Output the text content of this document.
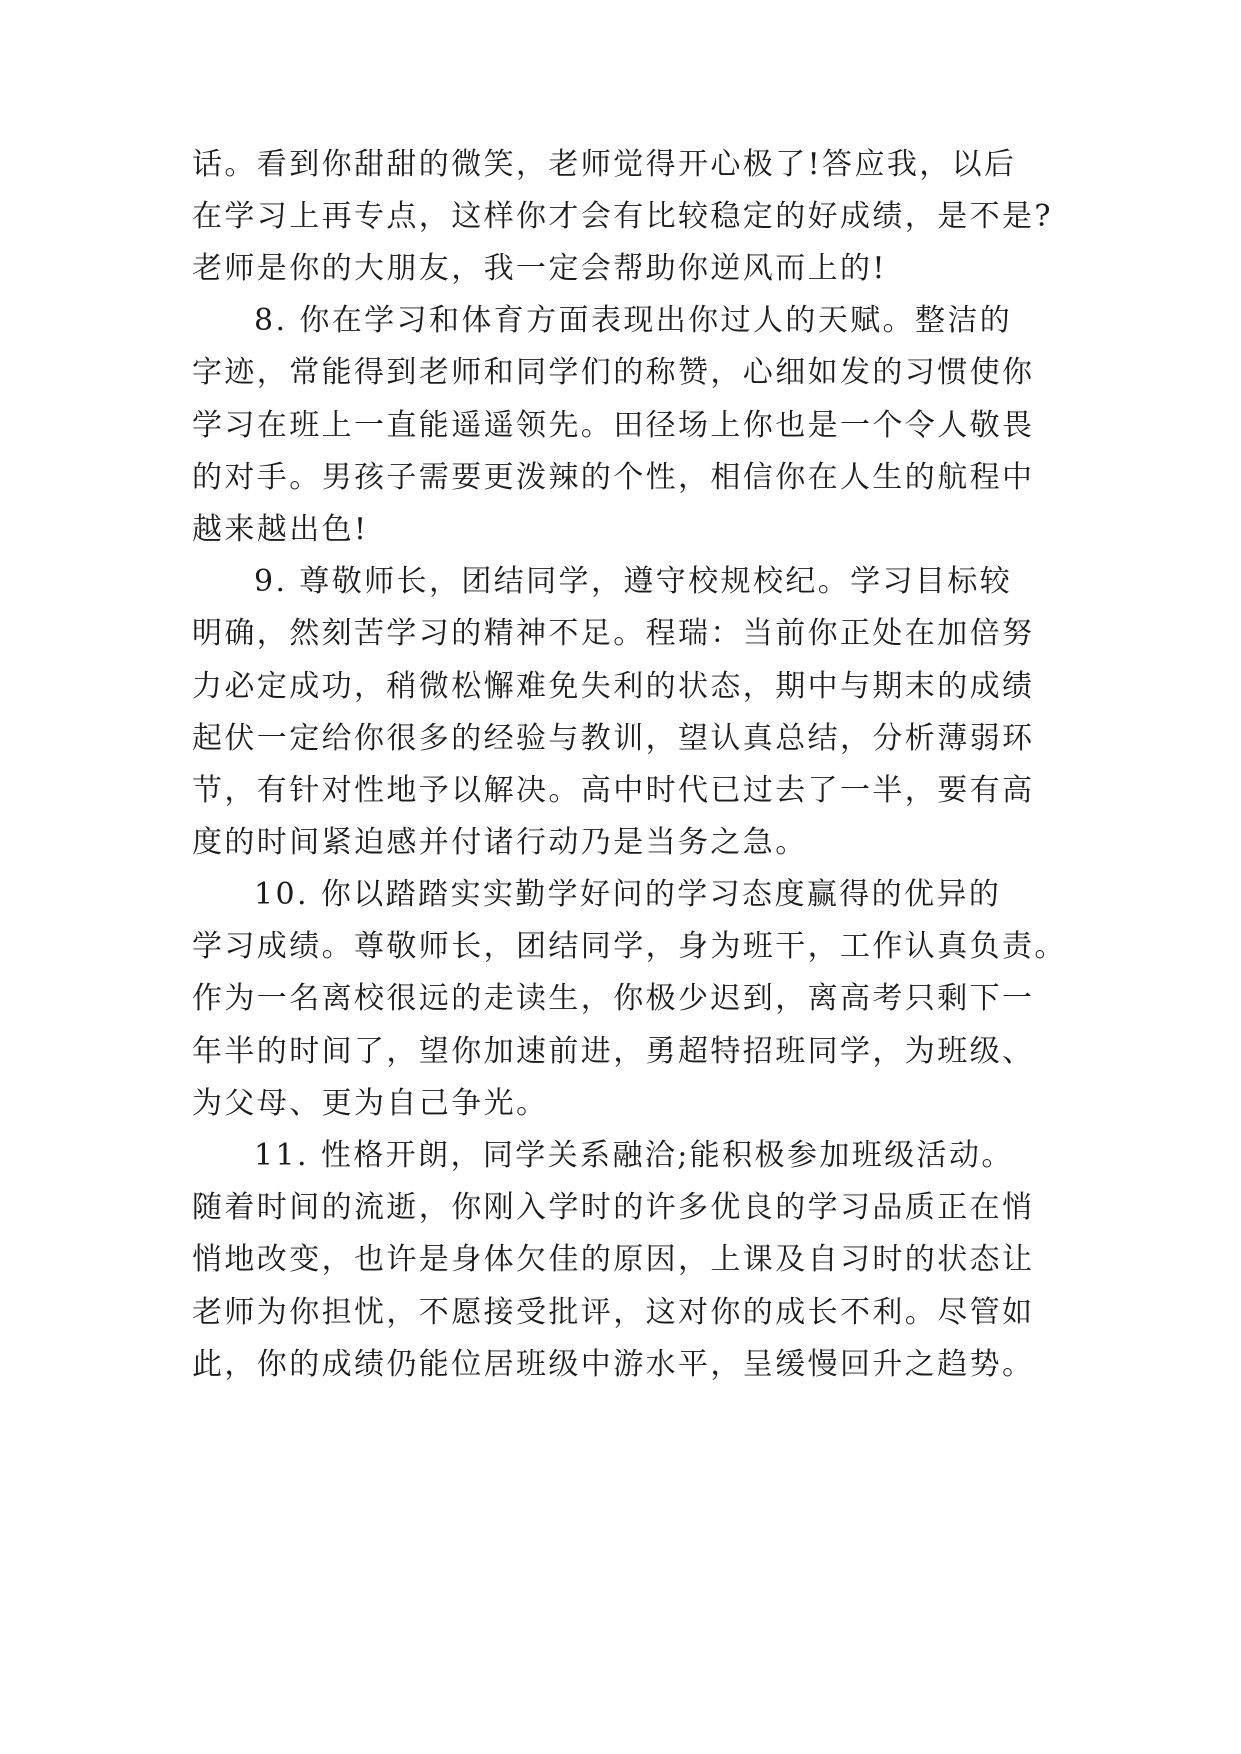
话。看到你甜甜的微笑，老师觉得开心极了!答应我，以后
在学习上再专点，这样你才会有比较稳定的好成绩，是不是?
老师是你的大朋友，我一定会帮助你逆风而上的!
8. 你在学习和体育方面表现出你过人的天赋。整洁的
字迹，常能得到老师和同学们的称赞，心细如发的习惯使你
学习在班上一直能遥遥领先。田径场上你也是一个令人敬畏
的对手。男孩子需要更泼辣的个性，相信你在人生的航程中
越来越出色!
9. 尊敬师长，团结同学，遵守校规校纪。学习目标较
明确，然刻苦学习的精神不足。程瑞：当前你正处在加倍努
力必定成功，稍微松懈难免失利的状态，期中与期末的成绩
起伏一定给你很多的经验与教训，望认真总结，分析薄弱环
节，有针对性地予以解决。高中时代已过去了一半，要有高
度的时间紧迫感并付诸行动乃是当务之急。
10. 你以踏踏实实勤学好问的学习态度赢得的优异的
学习成绩。尊敬师长，团结同学，身为班干，工作认真负责。
作为一名离校很远的走读生，你极少迟到，离高考只剩下一
年半的时间了，望你加速前进，勇超特招班同学，为班级、
为父母、更为自己争光。
11. 性格开朗，同学关系融洽;能积极参加班级活动。
随着时间的流逝，你刚入学时的许多优良的学习品质正在悄
悄地改变，也许是身体欠佳的原因，上课及自习时的状态让
老师为你担忧，不愿接受批评，这对你的成长不利。尽管如
此，你的成绩仍能位居班级中游水平，呈缓慢回升之趋势。
